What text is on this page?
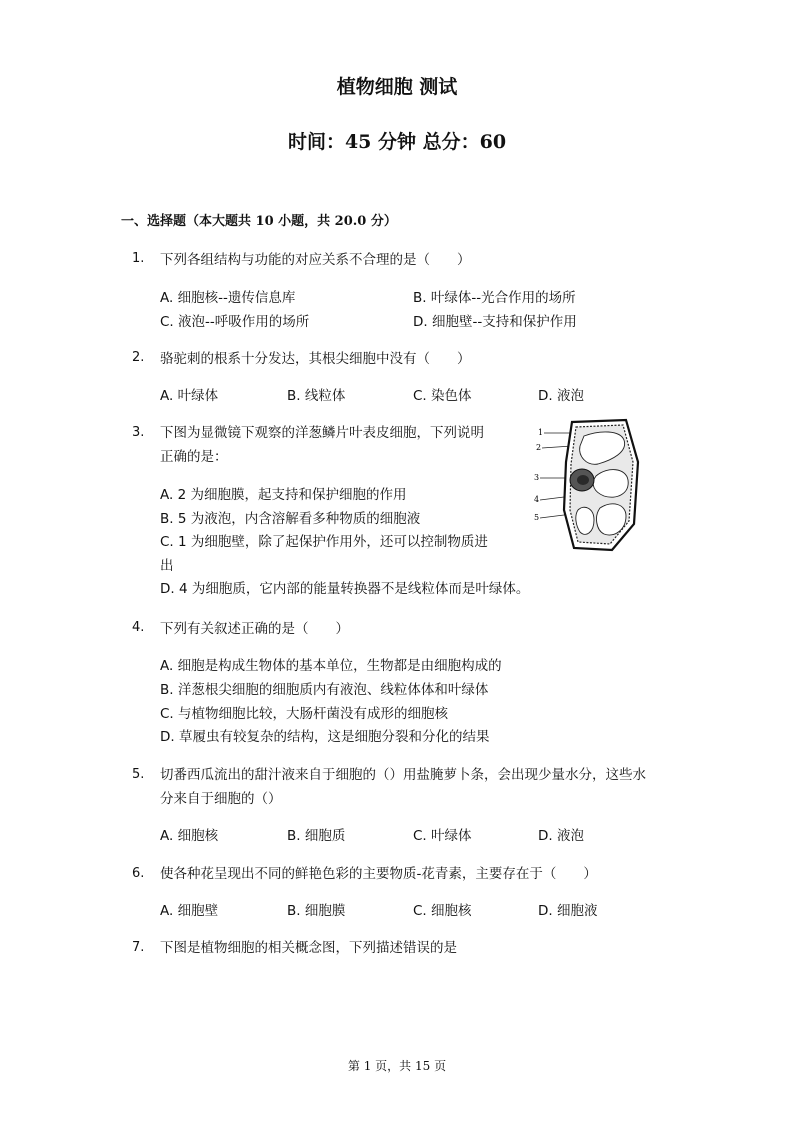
植物细胞 测试
时间：45 分钟 总分：60
一、选择题（本大题共 10 小题，共 20.0 分）
1. 下列各组结构与功能的对应关系不合理的是（　　）
A. 细胞核--遗传信息库	B. 叶绿体--光合作用的场所
C. 液泡--呼吸作用的场所	D. 细胞壁--支持和保护作用
2. 骆驼刺的根系十分发达，其根尖细胞中没有（　　）
A. 叶绿体	B. 线粒体	C. 染色体	D. 液泡
3. 下图为显微镜下观察的洋葱鳞片叶表皮细胞，下列说明
正确的是：
A. 2 为细胞膜，起支持和保护细胞的作用
B. 5 为液泡，内含溶解看多种物质的细胞液
C. 1 为细胞壁，除了起保护作用外，还可以控制物质进
出
D. 4 为细胞质，它内部的能量转换器不是线粒体而是叶绿体。
1
2
3
4
5
4. 下列有关叙述正确的是（　　）
A. 细胞是构成生物体的基本单位，生物都是由细胞构成的
B. 洋葱根尖细胞的细胞质内有液泡、线粒体体和叶绿体
C. 与植物细胞比较，大肠杆菌没有成形的细胞核
D. 草履虫有较复杂的结构，这是细胞分裂和分化的结果
5. 切番西瓜流出的甜汁液来自于细胞的（）用盐腌萝卜条，会出现少量水分，这些水
分来自于细胞的（）
A. 细胞核	B. 细胞质	C. 叶绿体	D. 液泡
6. 使各种花呈现出不同的鲜艳色彩的主要物质-花青素，主要存在于（　　）
A. 细胞壁	B. 细胞膜	C. 细胞核	D. 细胞液
7. 下图是植物细胞的相关概念图，下列描述错误的是
第 1 页，共 15 页
